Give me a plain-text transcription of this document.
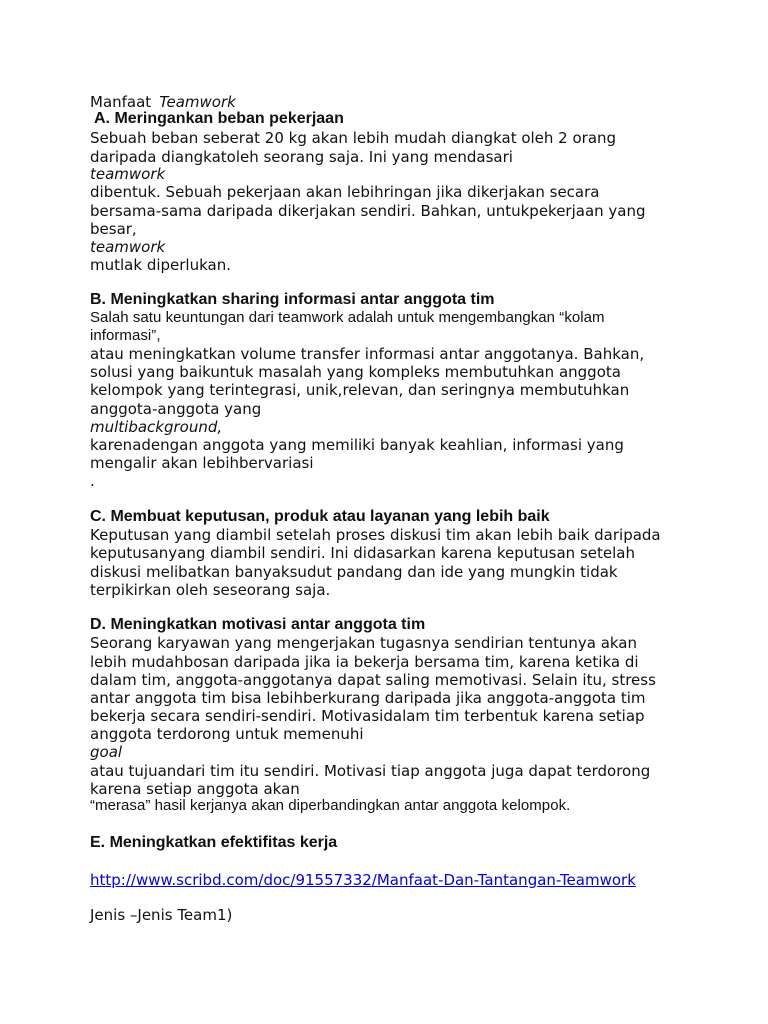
Manfaat Teamwork
A. Meringankan beban pekerjaan
Sebuah beban seberat 20 kg akan lebih mudah diangkat oleh 2 orang
daripada diangkatoleh seorang saja. Ini yang mendasari
teamwork
dibentuk. Sebuah pekerjaan akan lebihringan jika dikerjakan secara
bersama-sama daripada dikerjakan sendiri. Bahkan, untukpekerjaan yang
besar,
teamwork
mutlak diperlukan.
B. Meningkatkan sharing informasi antar anggota tim
Salah satu keuntungan dari teamwork adalah untuk mengembangkan “kolam
informasi”,
atau meningkatkan volume transfer informasi antar anggotanya. Bahkan,
solusi yang baikuntuk masalah yang kompleks membutuhkan anggota
kelompok yang terintegrasi, unik,relevan, dan seringnya membutuhkan
anggota-anggota yang
multibackground,
karenadengan anggota yang memiliki banyak keahlian, informasi yang
mengalir akan lebihbervariasi
.
C. Membuat keputusan, produk atau layanan yang lebih baik
Keputusan yang diambil setelah proses diskusi tim akan lebih baik daripada
keputusanyang diambil sendiri. Ini didasarkan karena keputusan setelah
diskusi melibatkan banyaksudut pandang dan ide yang mungkin tidak
terpikirkan oleh seseorang saja.
D. Meningkatkan motivasi antar anggota tim
Seorang karyawan yang mengerjakan tugasnya sendirian tentunya akan
lebih mudahbosan daripada jika ia bekerja bersama tim, karena ketika di
dalam tim, anggota-anggotanya dapat saling memotivasi. Selain itu, stress
antar anggota tim bisa lebihberkurang daripada jika anggota-anggota tim
bekerja secara sendiri-sendiri. Motivasidalam tim terbentuk karena setiap
anggota terdorong untuk memenuhi
goal
atau tujuandari tim itu sendiri. Motivasi tiap anggota juga dapat terdorong
karena setiap anggota akan
“merasa” hasil kerjanya akan diperbandingkan antar anggota kelompok.
E. Meningkatkan efektifitas kerja
http://www.scribd.com/doc/91557332/Manfaat-Dan-Tantangan-Teamwork
Jenis –Jenis Team1)
